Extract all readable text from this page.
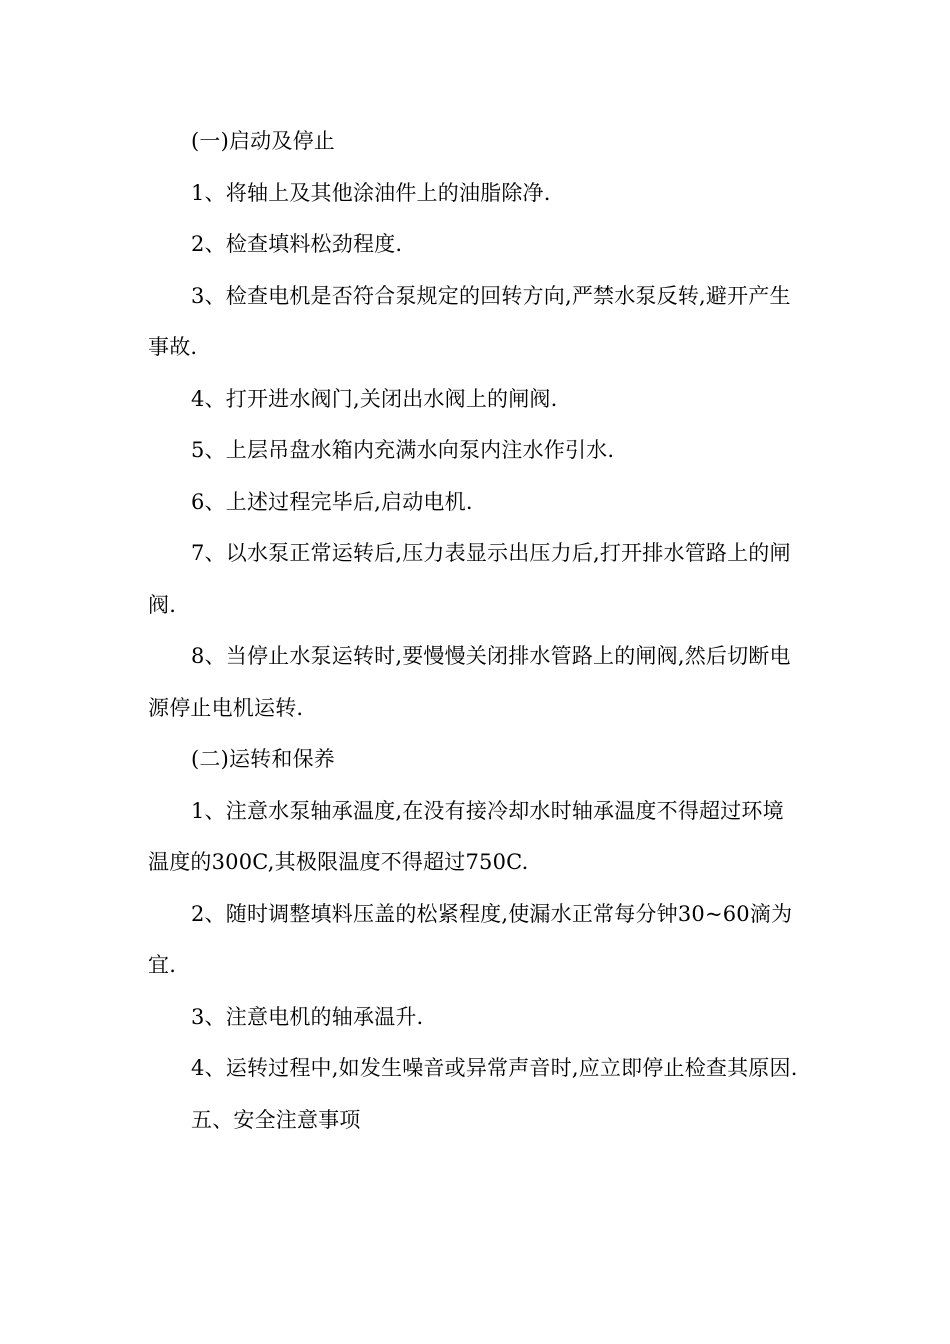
(一)启动及停止

1、将轴上及其他涂油件上的油脂除净.

2、检查填料松劲程度.

3、检查电机是否符合泵规定的回转方向,严禁水泵反转,避开产生事故.

4、打开进水阀门,关闭出水阀上的闸阀.

5、上层吊盘水箱内充满水向泵内注水作引水.

6、上述过程完毕后,启动电机.

7、以水泵正常运转后,压力表显示出压力后,打开排水管路上的闸阀.

8、当停止水泵运转时,要慢慢关闭排水管路上的闸阀,然后切断电源停止电机运转.

(二)运转和保养

1、注意水泵轴承温度,在没有接冷却水时轴承温度不得超过环境温度的300C,其极限温度不得超过750C.

2、随时调整填料压盖的松紧程度,使漏水正常每分钟30~60滴为宜.

3、注意电机的轴承温升.

4、运转过程中,如发生噪音或异常声音时,应立即停止检查其原因.

五、安全注意事项
